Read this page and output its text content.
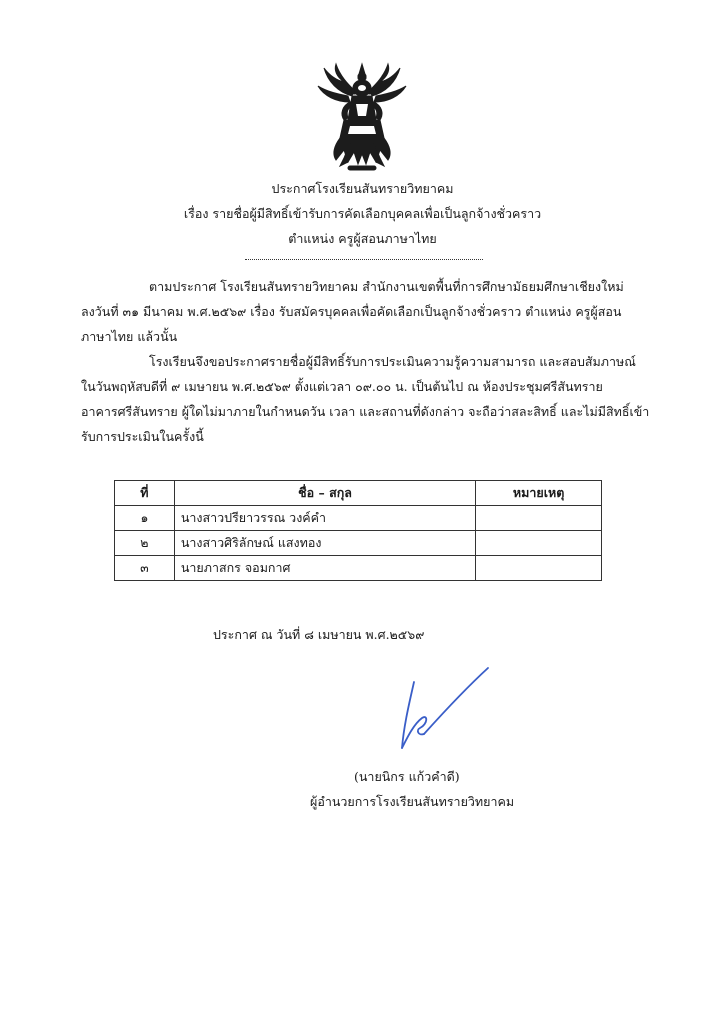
ประกาศโรงเรียนสันทรายวิทยาคม
เรื่อง รายชื่อผู้มีสิทธิ์เข้ารับการคัดเลือกบุคคลเพื่อเป็นลูกจ้างชั่วคราว
ตำแหน่ง ครูผู้สอนภาษาไทย
ตามประกาศ โรงเรียนสันทรายวิทยาคม สำนักงานเขตพื้นที่การศึกษามัธยมศึกษาเชียงใหม่
ลงวันที่ ๓๑ มีนาคม พ.ศ.๒๕๖๙ เรื่อง รับสมัครบุคคลเพื่อคัดเลือกเป็นลูกจ้างชั่วคราว ตำแหน่ง ครูผู้สอน
ภาษาไทย แล้วนั้น
โรงเรียนจึงขอประกาศรายชื่อผู้มีสิทธิ์รับการประเมินความรู้ความสามารถ และสอบสัมภาษณ์
ในวันพฤหัสบดีที่ ๙ เมษายน พ.ศ.๒๕๖๙ ตั้งแต่เวลา ๐๙.๐๐ น. เป็นต้นไป ณ ห้องประชุมศรีสันทราย
อาคารศรีสันทราย ผู้ใดไม่มาภายในกำหนดวัน เวลา และสถานที่ดังกล่าว จะถือว่าสละสิทธิ์ และไม่มีสิทธิ์เข้า
รับการประเมินในครั้งนี้
ที่	ชื่อ – สกุล	หมายเหตุ
๑	นางสาวปรียาวรรณ วงค์คำ	
๒	นางสาวศิริลักษณ์ แสงทอง	
๓	นายภาสกร จอมกาศ	
ประกาศ ณ วันที่ ๘ เมษายน พ.ศ.๒๕๖๙
(นายนิกร แก้วคำดี)
ผู้อำนวยการโรงเรียนสันทรายวิทยาคม
